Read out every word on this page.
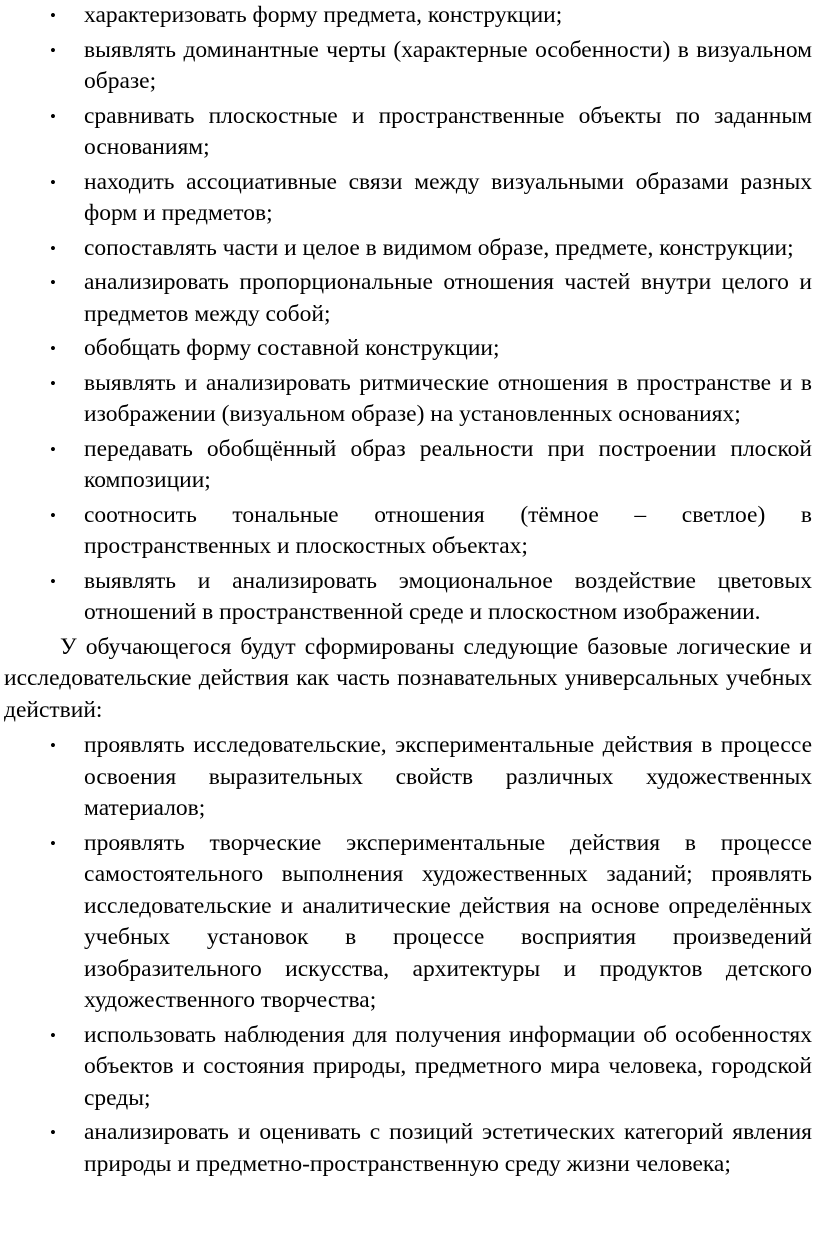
• характеризовать форму предмета, конструкции;
• выявлять доминантные черты (характерные особенности) в визуальном образе;
• сравнивать плоскостные и пространственные объекты по заданным основаниям;
• находить ассоциативные связи между визуальными образами разных форм и предметов;
• сопоставлять части и целое в видимом образе, предмете, конструкции;
• анализировать пропорциональные отношения частей внутри целого и предметов между собой;
• обобщать форму составной конструкции;
• выявлять и анализировать ритмические отношения в пространстве и в изображении (визуальном образе) на установленных основаниях;
• передавать обобщённый образ реальности при построении плоской композиции;
• соотносить тональные отношения (тёмное – светлое) в пространственных и плоскостных объектах;
• выявлять и анализировать эмоциональное воздействие цветовых отношений в пространственной среде и плоскостном изображении.

У обучающегося будут сформированы следующие базовые логические и исследовательские действия как часть познавательных универсальных учебных действий:

• проявлять исследовательские, экспериментальные действия в процессе освоения выразительных свойств различных художественных материалов;
• проявлять творческие экспериментальные действия в процессе самостоятельного выполнения художественных заданий; проявлять исследовательские и аналитические действия на основе определённых учебных установок в процессе восприятия произведений изобразительного искусства, архитектуры и продуктов детского художественного творчества;
• использовать наблюдения для получения информации об особенностях объектов и состояния природы, предметного мира человека, городской среды;
• анализировать и оценивать с позиций эстетических категорий явления природы и предметно-пространственную среду жизни человека;
